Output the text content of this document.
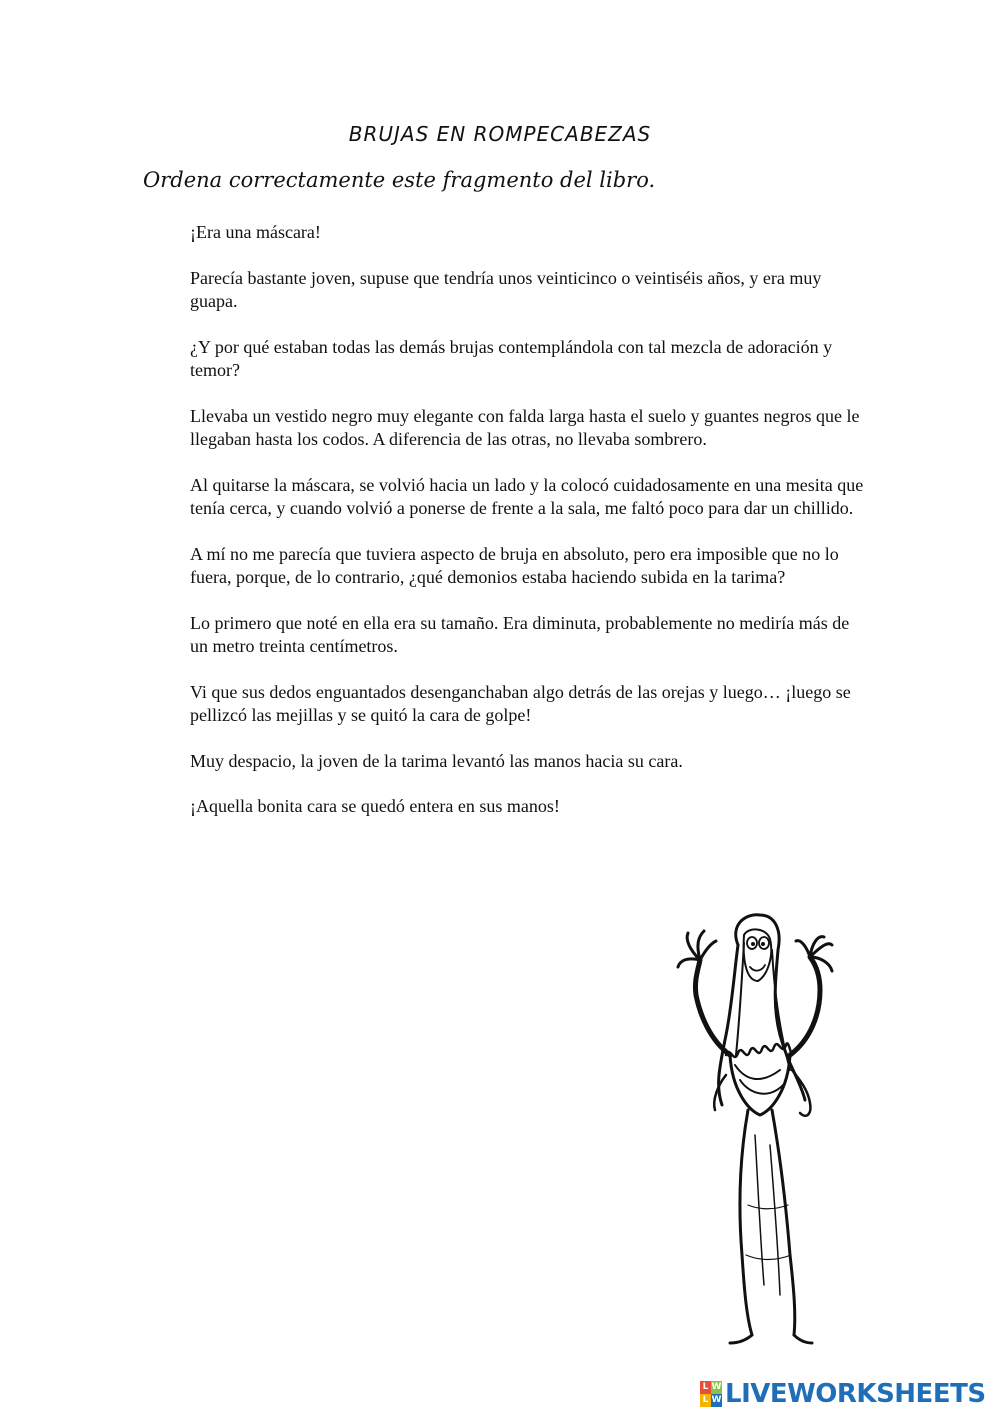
BRUJAS EN ROMPECABEZAS

Ordena correctamente este fragmento del libro.

¡Era una máscara!

Parecía bastante joven, supuse que tendría unos veinticinco o veintiséis años, y era muy guapa.

¿Y por qué estaban todas las demás brujas contemplándola con tal mezcla de adoración y temor?

Llevaba un vestido negro muy elegante con falda larga hasta el suelo y guantes negros que le llegaban hasta los codos. A diferencia de las otras, no llevaba sombrero.

Al quitarse la máscara, se volvió hacia un lado y la colocó cuidadosamente en una mesita que tenía cerca, y cuando volvió a ponerse de frente a la sala, me faltó poco para dar un chillido.

A mí no me parecía que tuviera aspecto de bruja en absoluto, pero era imposible que no lo fuera, porque, de lo contrario, ¿qué demonios estaba haciendo subida en la tarima?

Lo primero que noté en ella era su tamaño. Era diminuta, probablemente no mediría más de un metro treinta centímetros.

Vi que sus dedos enguantados desenganchaban algo detrás de las orejas y luego… ¡luego se pellizcó las mejillas y se quitó la cara de golpe!

Muy despacio, la joven de la tarima levantó las manos hacia su cara.

¡Aquella bonita cara se quedó entera en sus manos!

L W
L W LIVEWORKSHEETS
